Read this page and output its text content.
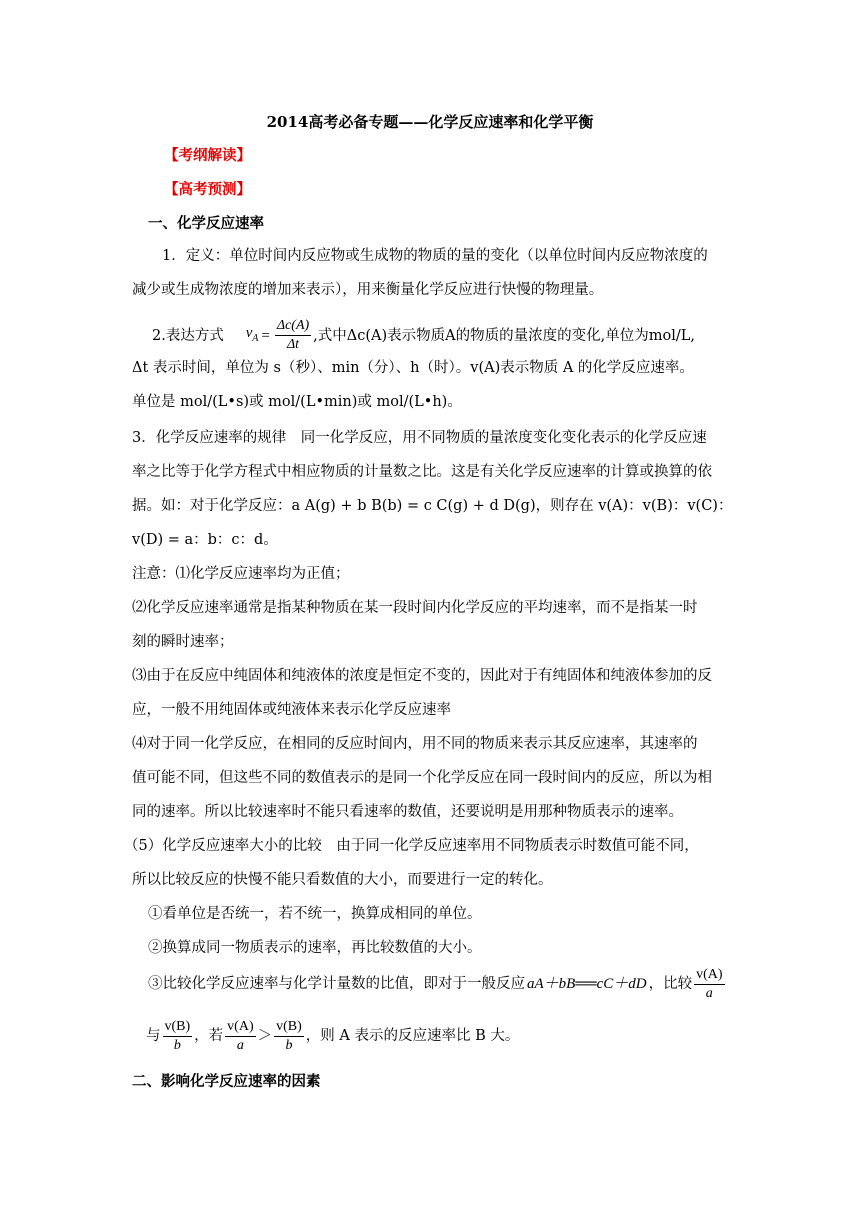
2014高考必备专题——化学反应速率和化学平衡
【考纲解读】
【高考预测】
一、化学反应速率
1．定义：单位时间内反应物或生成物的物质的量的变化（以单位时间内反应物浓度的
减少或生成物浓度的增加来表示），用来衡量化学反应进行快慢的物理量。
2.表达方式 $v_A = \frac{\Delta c(A)}{\Delta t}$ ,式中Δc(A)表示物质A的物质的量浓度的变化,单位为mol/L,
Δt 表示时间，单位为 s（秒）、min（分）、h（时）。v(A)表示物质 A 的化学反应速率。
单位是 mol/(L•s)或 mol/(L•min)或 mol/(L•h)。
3．化学反应速率的规律　同一化学反应，用不同物质的量浓度变化变化表示的化学反应速
率之比等于化学方程式中相应物质的计量数之比。这是有关化学反应速率的计算或换算的依
据。如：对于化学反应：a A(g) + b B(b) = c C(g) + d D(g)，则存在 v(A)：v(B)：v(C)：
v(D) = a：b：c：d。
注意：⑴化学反应速率均为正值；
⑵化学反应速率通常是指某种物质在某一段时间内化学反应的平均速率，而不是指某一时
刻的瞬时速率；
⑶由于在反应中纯固体和纯液体的浓度是恒定不变的，因此对于有纯固体和纯液体参加的反
应，一般不用纯固体或纯液体来表示化学反应速率
⑷对于同一化学反应，在相同的反应时间内，用不同的物质来表示其反应速率，其速率的
值可能不同，但这些不同的数值表示的是同一个化学反应在同一段时间内的反应，所以为相
同的速率。所以比较速率时不能只看速率的数值，还要说明是用那种物质表示的速率。
（5）化学反应速率大小的比较　由于同一化学反应速率用不同物质表示时数值可能不同，
所以比较反应的快慢不能只看数值的大小，而要进行一定的转化。
①看单位是否统一，若不统一，换算成相同的单位。
②换算成同一物质表示的速率，再比较数值的大小。
③比较化学反应速率与化学计量数的比值，即对于一般反应 aA＋bB══cC＋dD ，比较 $\frac{v(A)}{a}$
与 $\frac{v(B)}{b}$ ，若 $\frac{v(A)}{a} > \frac{v(B)}{b}$ ，则 A 表示的反应速率比 B 大。
二、影响化学反应速率的因素
